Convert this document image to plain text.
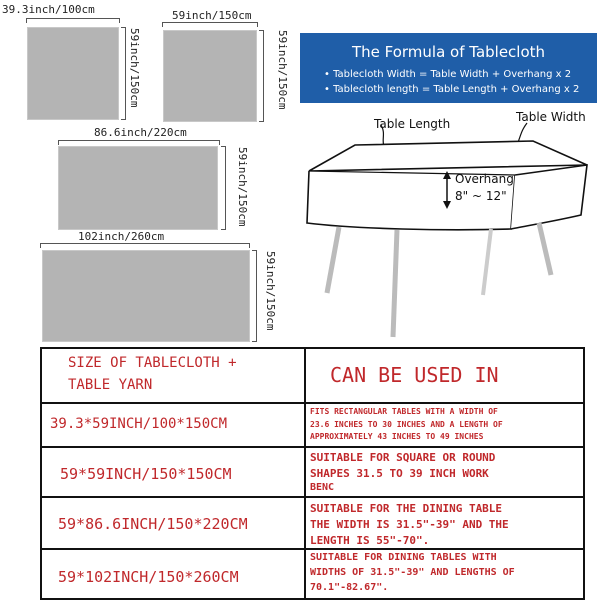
39.3inch/100cm
59inch/150cm
59inch/150cm
59inch/150cm
86.6inch/220cm
59inch/150cm
102inch/260cm
59inch/150cm
The Formula of Tablecloth
• Tablecloth Width = Table Width + Overhang x 2
• Tablecloth length = Table Length + Overhang x 2
Table Length	Table Width
Overhang
8" ~ 12"
SIZE OF TABLECLOTH +
TABLE YARN	CAN BE USED IN
39.3*59INCH/100*150CM
FITS RECTANGULAR TABLES WITH A WIDTH OF
23.6 INCHES TO 30 INCHES AND A LENGTH OF
APPROXIMATELY 43 INCHES TO 49 INCHES
59*59INCH/150*150CM
SUITABLE FOR SQUARE OR ROUND
SHAPES 31.5 TO 39 INCH WORK
BENC
59*86.6INCH/150*220CM
SUITABLE FOR THE DINING TABLE
THE WIDTH IS 31.5"-39" AND THE
LENGTH IS 55"-70".
59*102INCH/150*260CM
SUITABLE FOR DINING TABLES WITH
WIDTHS OF 31.5"-39" AND LENGTHS OF
70.1"-82.67".
